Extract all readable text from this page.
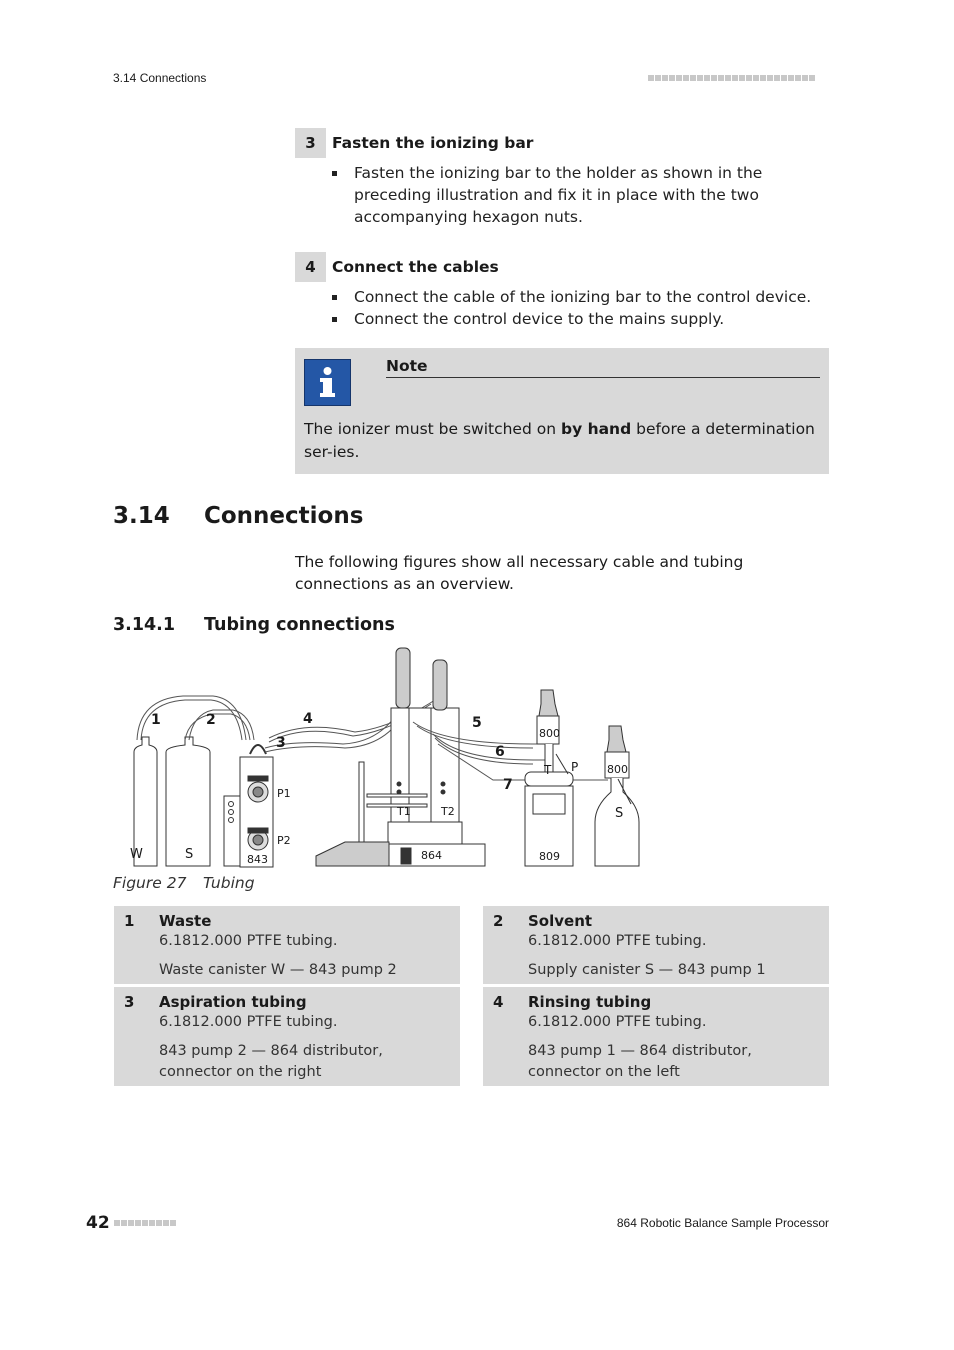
3.14 Connections
3	Fasten the ionizing bar
Fasten the ionizing bar to the holder as shown in the preceding illustration and fix it in place with the two accompanying hexagon nuts.
4	Connect the cables
Connect the cable of the ionizing bar to the control device.
Connect the control device to the mains supply.
Note
The ionizer must be switched on by hand before a determination ser-ies.
3.14 Connections
The following figures show all necessary cable and tubing connections as an overview.
3.14.1 Tubing connections
1	2
3
4	5
6
7
W	S
P1
P2
843
T1	T2
864
800
800
T P
809
S
Figure 27 Tubing
1 Waste
6.1812.000 PTFE tubing.
Waste canister W — 843 pump 2
3 Aspiration tubing
6.1812.000 PTFE tubing.
843 pump 2 — 864 distributor, connector on the right
2 Solvent
6.1812.000 PTFE tubing.
Supply canister S — 843 pump 1
4 Rinsing tubing
6.1812.000 PTFE tubing.
843 pump 1 — 864 distributor, connector on the left
42	864 Robotic Balance Sample Processor
